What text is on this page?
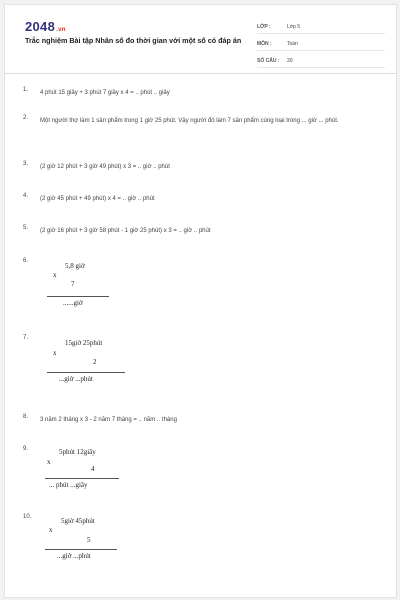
2048.vn
Trắc nghiệm Bài tập Nhân số đo thời gian với một số có đáp án
LỚP :	Lớp 5
MÔN :	Toán
SỐ CÂU :	20
1. 4 phút 15 giây + 3 phút 7 giây x 4 = .. phút .. giây
2. Một người thợ làm 1 sản phẩm trong 1 giờ 25 phút. Vậy người đó làm 7 sản phẩm cùng loại trong ... giờ ... phút.
3. (2 giờ 12 phút + 3 giờ 49 phút) x 3 = .. giờ .. phút
4. (2 giờ 45 phút + 49 phút) x 4 = .. giờ .. phút
5. (2 giờ 16 phút + 3 giờ 58 phút - 1 giờ 25 phút) x 3 = .. giờ .. phút
6.
5,8 giờ
x
7
......giờ
7.
15giờ 25phút
x
2
...giờ ...phút
8. 3 năm 2 tháng x 3 - 2 năm 7 tháng = .. năm .. tháng
9.	5phút 12giây
x
4
... phút ...giây
10.	5giờ 45phút
x
5
...giờ ...phút
